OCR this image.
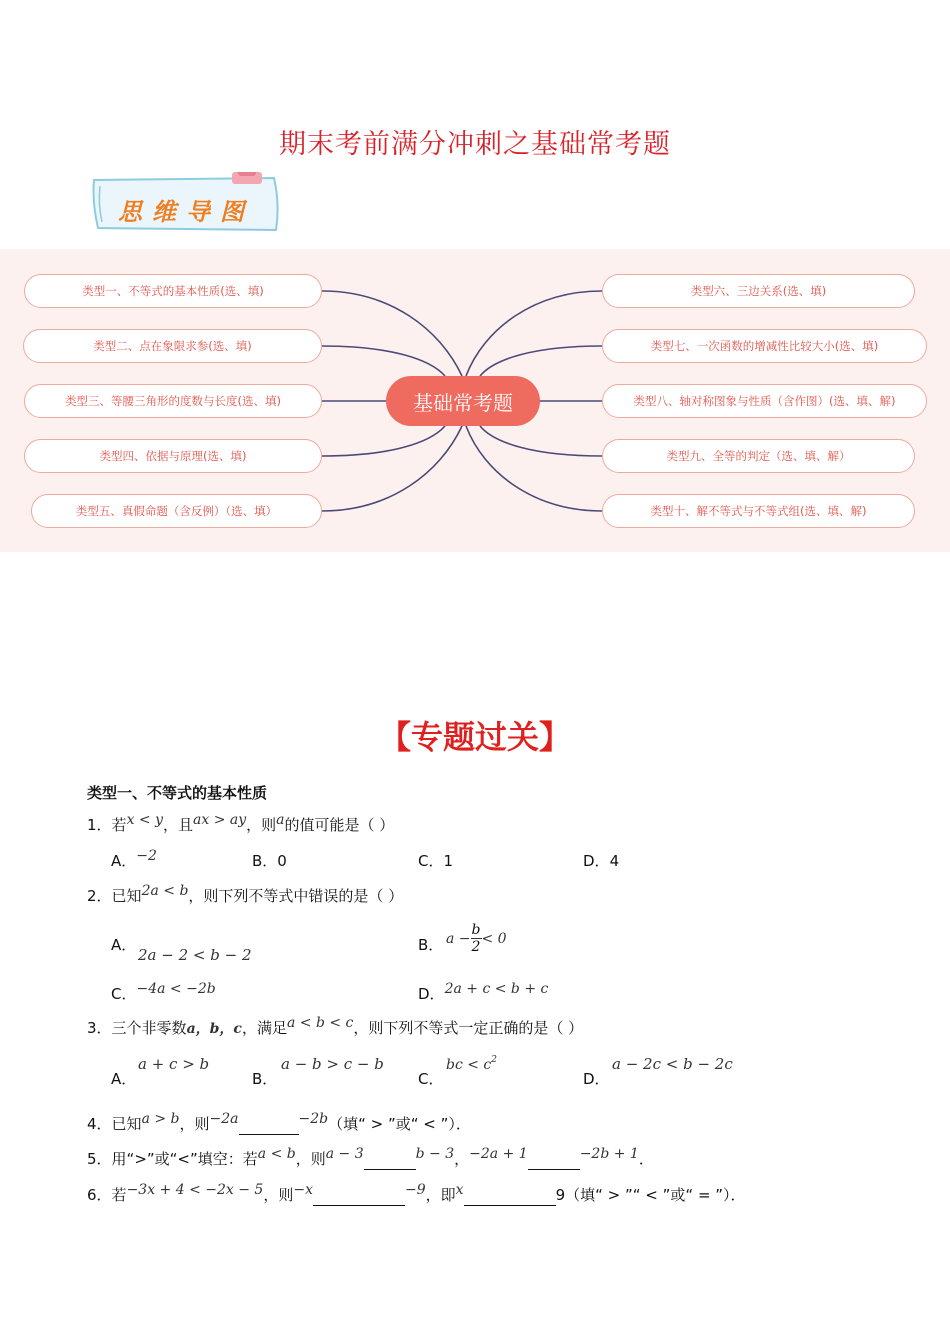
期末考前满分冲刺之基础常考题
思维导图
基础常考题
类型一、不等式的基本性质(选、填)
类型二、点在象限求参(选、填)
类型三、等腰三角形的度数与长度(选、填)
类型四、依据与原理(选、填)
类型五、真假命题（含反例）（选、填）
类型六、三边关系(选、填)
类型七、一次函数的增减性比较大小(选、填)
类型八、轴对称图象与性质（含作图）(选、填、解)
类型九、全等的判定（选、填、解）
类型十、解不等式与不等式组(选、填、解)
【专题过关】
类型一、不等式的基本性质
1．若x < y，且ax > ay，则a的值可能是（ ）
A．−2	B．0	C．1	D．4
2．已知2a < b，则下列不等式中错误的是（ ）
A．
2a − 2 < b − 2
B． $a - \frac{b}{2} < 0$
C．−4a < −2b	D．2a + c < b + c
3．三个非零数a，b，c，满足a < b < c，则下列不等式一定正确的是（ ）
A．
a + c > b
B．
a − b > c − b
C．
bc < $c^2$
D．
a − 2c < b − 2c
4．已知a > b，则−2a	−2b（填“ > ”或“ < ”）．
5．用“>”或“<”填空：若a < b，则a − 3	b − 3，−2a + 1	−2b + 1．
6．若−3x + 4 < −2x − 5，则−x	−9，即x	9（填“ > ”“ < ”或“ = ”）．
